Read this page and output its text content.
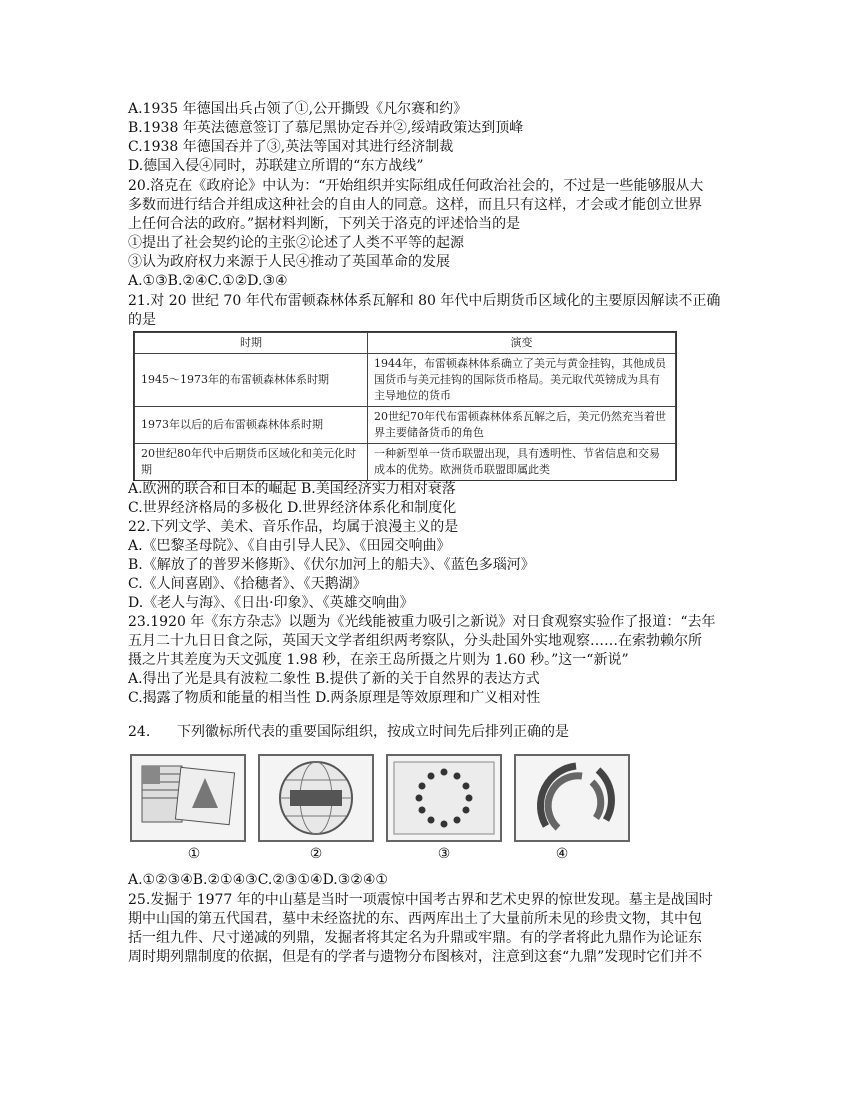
A.1935 年德国出兵占领了①,公开撕毁《凡尔赛和约》
B.1938 年英法德意签订了慕尼黑协定吞并②,绥靖政策达到顶峰
C.1938 年德国吞并了③,英法等国对其进行经济制裁
D.德国入侵④同时，苏联建立所谓的“东方战线”
20.洛克在《政府论》中认为：“开始组织并实际组成任何政治社会的，不过是一些能够服从大
多数而进行结合并组成这种社会的自由人的同意。这样，而且只有这样，才会或才能创立世界
上任何合法的政府。”据材料判断，下列关于洛克的评述恰当的是
①提出了社会契约论的主张②论述了人类不平等的起源
③认为政府权力来源于人民④推动了英国革命的发展
A.①③B.②④C.①②D.③④
21.对 20 世纪 70 年代布雷顿森林体系瓦解和 80 年代中后期货币区域化的主要原因解读不正确
的是
时期	演变
1945～1973年的布雷顿森林体系时期	1944年，布雷顿森林体系确立了美元与黄金挂钩，其他成员国货币与美元挂钩的国际货币格局。美元取代英镑成为具有主导地位的货币
1973年以后的后布雷顿森林体系时期	20世纪70年代布雷顿森林体系瓦解之后，美元仍然充当着世界主要储备货币的角色
20世纪80年代中后期货币区域化和美元化时期	一种新型单一货币联盟出现，具有透明性、节省信息和交易成本的优势。欧洲货币联盟即属此类
A.欧洲的联合和日本的崛起 B.美国经济实力相对衰落
C.世界经济格局的多极化 D.世界经济体系化和制度化
22.下列文学、美术、音乐作品，均属于浪漫主义的是
A.《巴黎圣母院》、《自由引导人民》、《田园交响曲》
B.《解放了的普罗米修斯》、《伏尔加河上的船夫》、《蓝色多瑙河》
C.《人间喜剧》、《拾穗者》、《天鹅湖》
D.《老人与海》、《日出·印象》、《英雄交响曲》
23.1920 年《东方杂志》以题为《光线能被重力吸引之新说》对日食观察实验作了报道：“去年
五月二十九日日食之际，英国天文学者组织两考察队，分头赴国外实地观察……在索勃赖尔所
摄之片其差度为天文弧度 1.98 秒，在亲王岛所摄之片则为 1.60 秒。”这一“新说”
A.得出了光是具有波粒二象性 B.提供了新的关于自然界的表达方式
C.揭露了物质和能量的相当性 D.两条原理是等效原理和广义相对性
24. 下列徽标所代表的重要国际组织，按成立时间先后排列正确的是
①	②	③	④
A.①②③④B.②①④③C.②③①④D.③②④①
25.发掘于 1977 年的中山墓是当时一项震惊中国考古界和艺术史界的惊世发现。墓主是战国时
期中山国的第五代国君，墓中未经盗扰的东、西两库出土了大量前所未见的珍贵文物，其中包
括一组九件、尺寸递减的列鼎，发掘者将其定名为升鼎或牢鼎。有的学者将此九鼎作为论证东
周时期列鼎制度的依据，但是有的学者与遗物分布图核对，注意到这套“九鼎”发现时它们并不
